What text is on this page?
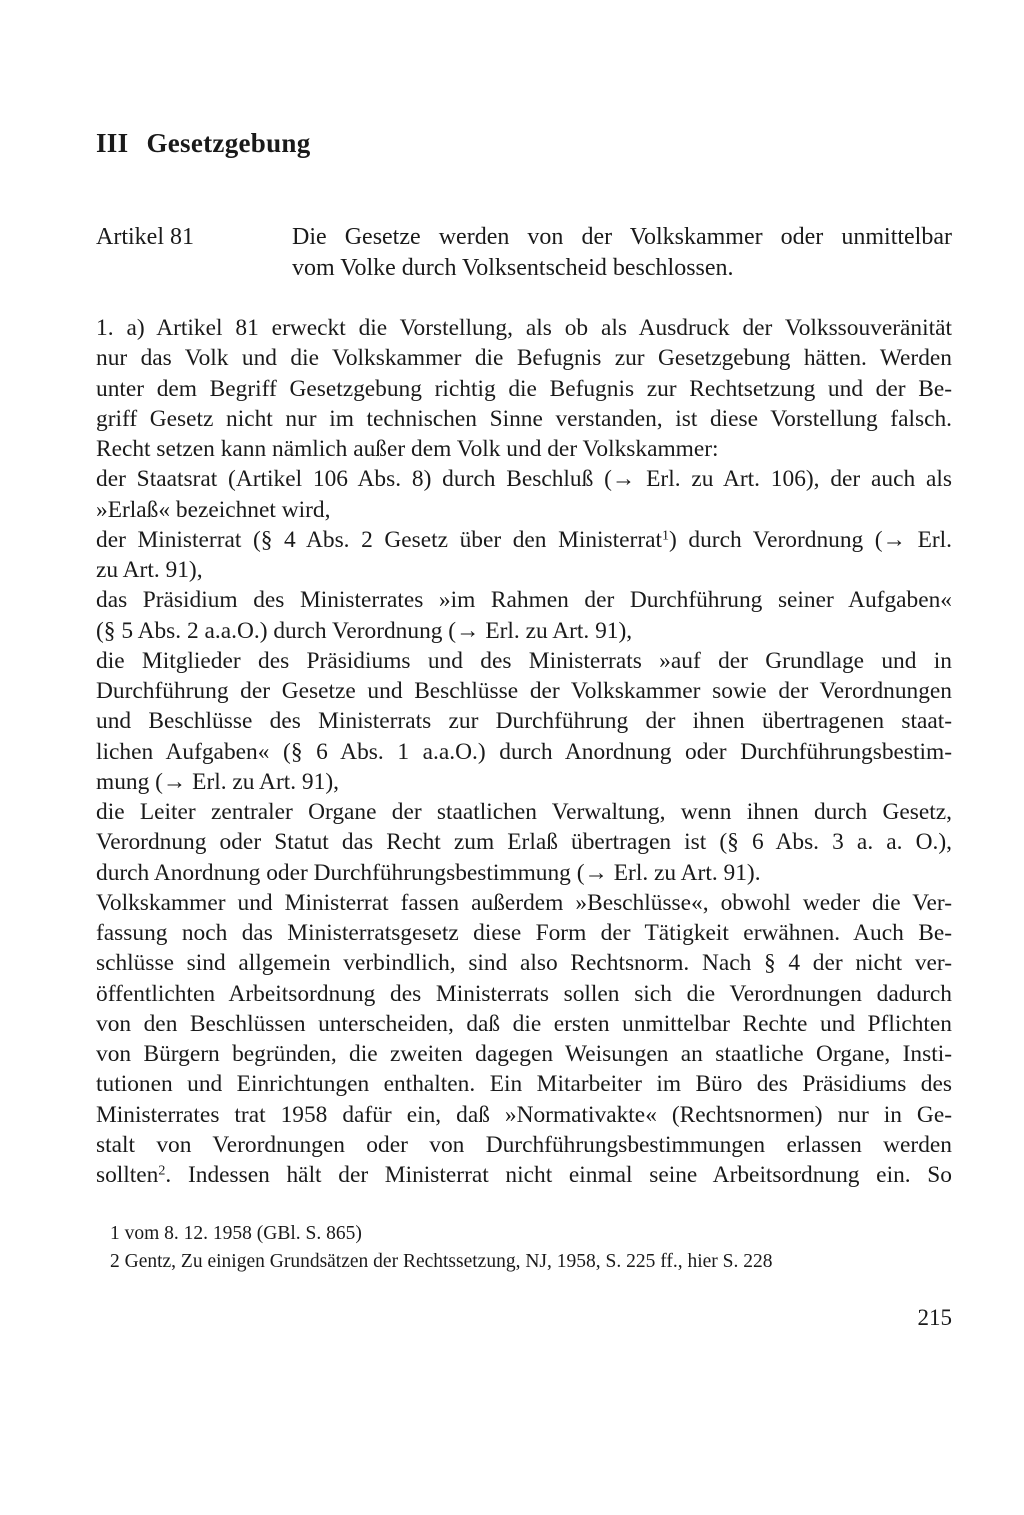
III Gesetzgebung
Artikel 81	Die Gesetze werden von der Volkskammer oder unmittelbar
vom Volke durch Volksentscheid beschlossen.
1. a) Artikel 81 erweckt die Vorstellung, als ob als Ausdruck der Volkssouveränität
nur das Volk und die Volkskammer die Befugnis zur Gesetzgebung hätten. Werden
unter dem Begriff Gesetzgebung richtig die Befugnis zur Rechtsetzung und der Be-
griff Gesetz nicht nur im technischen Sinne verstanden, ist diese Vorstellung falsch.
Recht setzen kann nämlich außer dem Volk und der Volkskammer:
der Staatsrat (Artikel 106 Abs. 8) durch Beschluß (→ Erl. zu Art. 106), der auch als
»Erlaß« bezeichnet wird,
der Ministerrat (§ 4 Abs. 2 Gesetz über den Ministerrat$^1$) durch Verordnung (→ Erl.
zu Art. 91),
das Präsidium des Ministerrates »im Rahmen der Durchführung seiner Aufgaben«
(§ 5 Abs. 2 a.a.O.) durch Verordnung (→ Erl. zu Art. 91),
die Mitglieder des Präsidiums und des Ministerrats »auf der Grundlage und in
Durchführung der Gesetze und Beschlüsse der Volkskammer sowie der Verordnungen
und Beschlüsse des Ministerrats zur Durchführung der ihnen übertragenen staat-
lichen Aufgaben« (§ 6 Abs. 1 a.a.O.) durch Anordnung oder Durchführungsbestim-
mung (→ Erl. zu Art. 91),
die Leiter zentraler Organe der staatlichen Verwaltung, wenn ihnen durch Gesetz,
Verordnung oder Statut das Recht zum Erlaß übertragen ist (§ 6 Abs. 3 a. a. O.),
durch Anordnung oder Durchführungsbestimmung (→ Erl. zu Art. 91).
Volkskammer und Ministerrat fassen außerdem »Beschlüsse«, obwohl weder die Ver-
fassung noch das Ministerratsgesetz diese Form der Tätigkeit erwähnen. Auch Be-
schlüsse sind allgemein verbindlich, sind also Rechtsnorm. Nach § 4 der nicht ver-
öffentlichten Arbeitsordnung des Ministerrats sollen sich die Verordnungen dadurch
von den Beschlüssen unterscheiden, daß die ersten unmittelbar Rechte und Pflichten
von Bürgern begründen, die zweiten dagegen Weisungen an staatliche Organe, Insti-
tutionen und Einrichtungen enthalten. Ein Mitarbeiter im Büro des Präsidiums des
Ministerrates trat 1958 dafür ein, daß »Normativakte« (Rechtsnormen) nur in Ge-
stalt von Verordnungen oder von Durchführungsbestimmungen erlassen werden
sollten$^2$. Indessen hält der Ministerrat nicht einmal seine Arbeitsordnung ein. So
1 vom 8. 12. 1958 (GBl. S. 865)
2 Gentz, Zu einigen Grundsätzen der Rechtssetzung, NJ, 1958, S. 225 ff., hier S. 228
215
